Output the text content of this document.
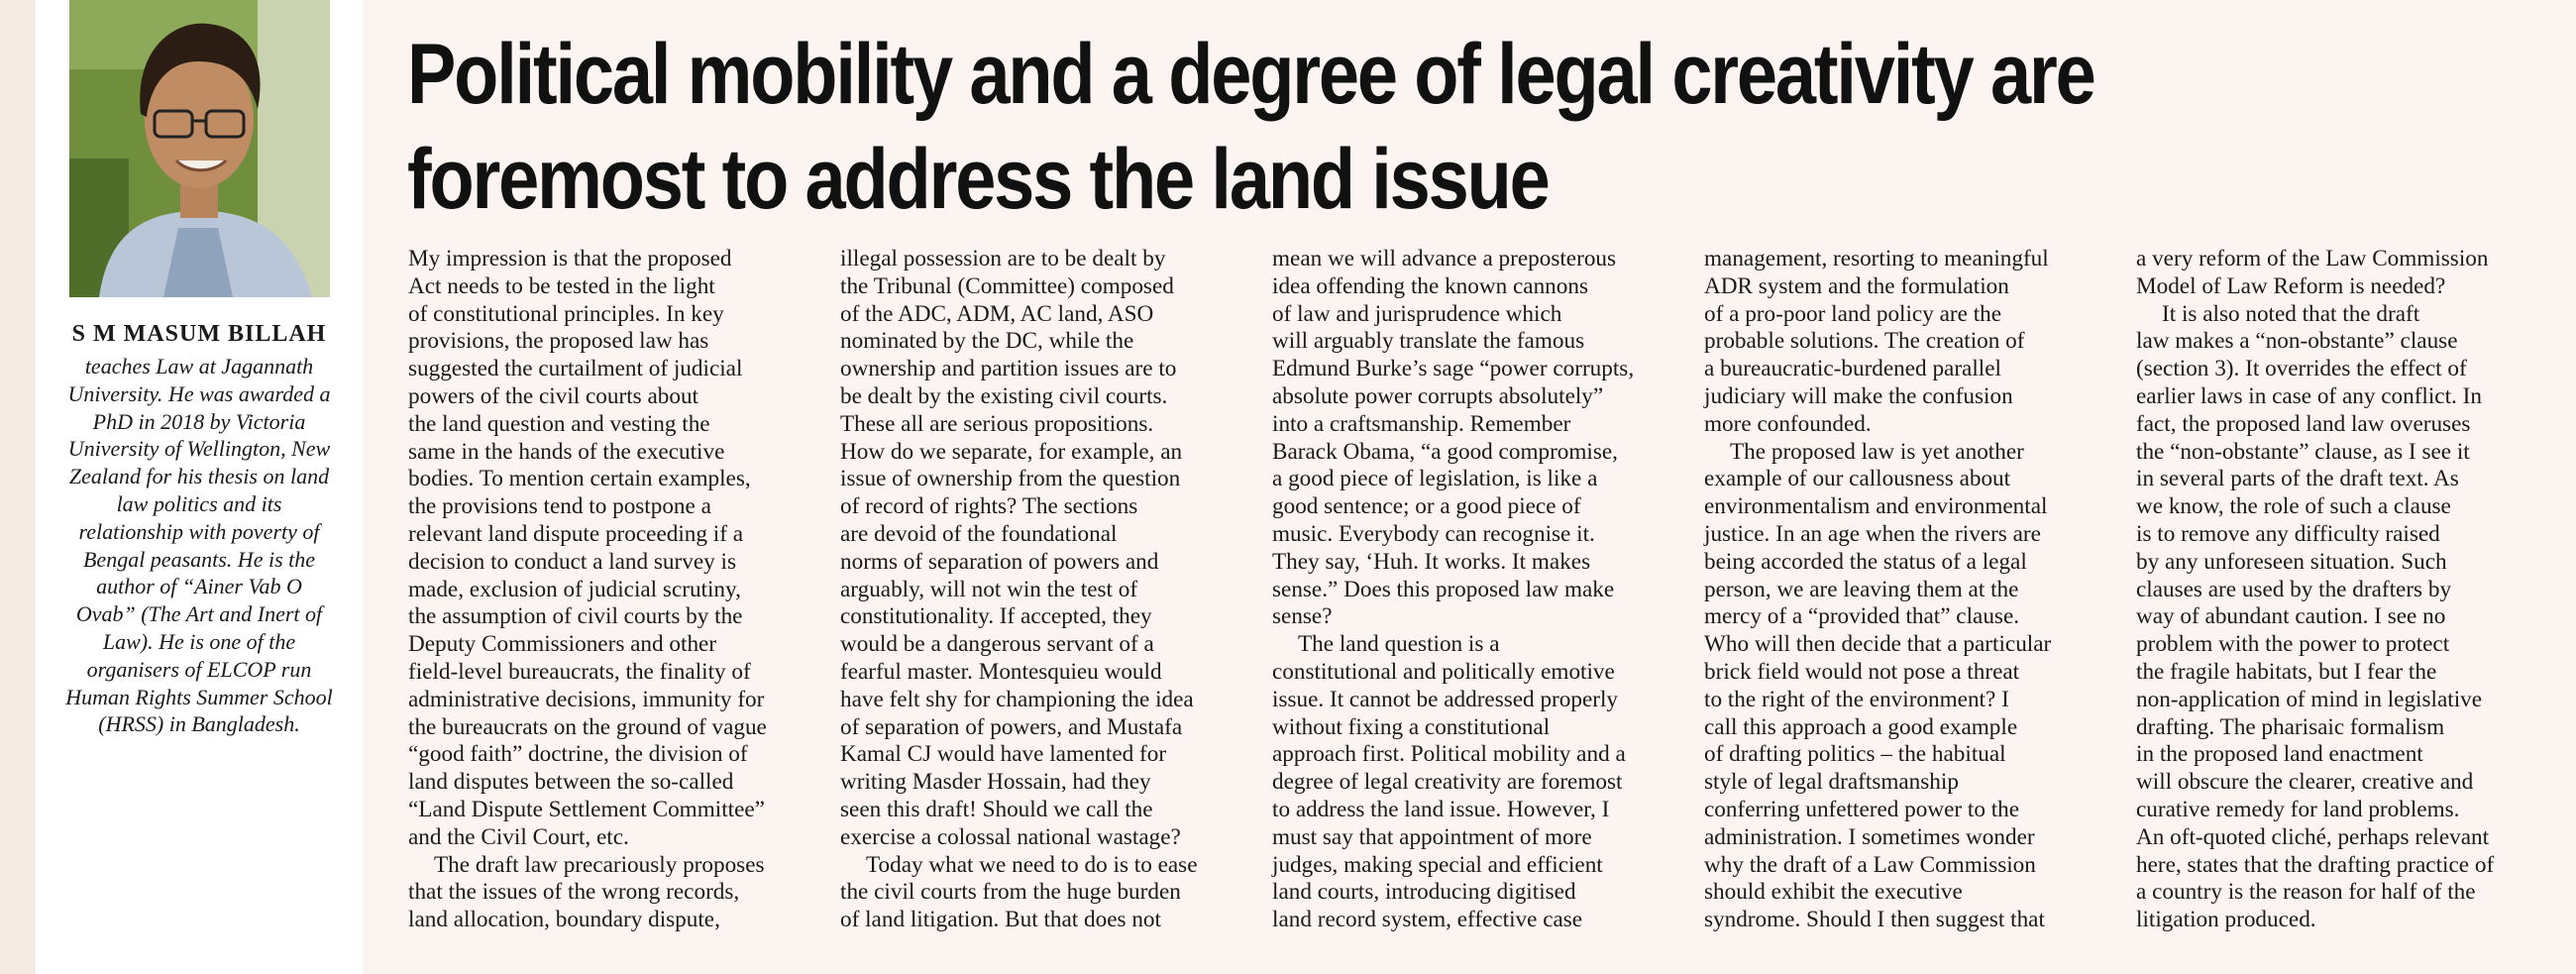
S M MASUM BILLAH
teaches Law at Jagannath University. He was awarded a PhD in 2018 by Victoria University of Wellington, New Zealand for his thesis on land law politics and its relationship with poverty of Bengal peasants. He is the author of “Ainer Vab O Ovab” (The Art and Inert of Law). He is one of the organisers of ELCOP run Human Rights Summer School (HRSS) in Bangladesh.
Political mobility and a degree of legal creativity are foremost to address the land issue

My impression is that the proposed
Act needs to be tested in the light
of constitutional principles. In key
provisions, the proposed law has
suggested the curtailment of judicial
powers of the civil courts about
the land question and vesting the
same in the hands of the executive
bodies. To mention certain examples,
the provisions tend to postpone a
relevant land dispute proceeding if a
decision to conduct a land survey is
made, exclusion of judicial scrutiny,
the assumption of civil courts by the
Deputy Commissioners and other
field-level bureaucrats, the finality of
administrative decisions, immunity for
the bureaucrats on the ground of vague
“good faith” doctrine, the division of
land disputes between the so-called
“Land Dispute Settlement Committee”
and the Civil Court, etc.

The draft law precariously proposes
that the issues of the wrong records,
land allocation, boundary dispute,

illegal possession are to be dealt by
the Tribunal (Committee) composed
of the ADC, ADM, AC land, ASO
nominated by the DC, while the
ownership and partition issues are to
be dealt by the existing civil courts.
These all are serious propositions.
How do we separate, for example, an
issue of ownership from the question
of record of rights? The sections
are devoid of the foundational
norms of separation of powers and
arguably, will not win the test of
constitutionality. If accepted, they
would be a dangerous servant of a
fearful master. Montesquieu would
have felt shy for championing the idea
of separation of powers, and Mustafa
Kamal CJ would have lamented for
writing Masder Hossain, had they
seen this draft! Should we call the
exercise a colossal national wastage?

Today what we need to do is to ease
the civil courts from the huge burden
of land litigation. But that does not

mean we will advance a preposterous
idea offending the known cannons
of law and jurisprudence which
will arguably translate the famous
Edmund Burke’s sage “power corrupts,
absolute power corrupts absolutely”
into a craftsmanship. Remember
Barack Obama, “a good compromise,
a good piece of legislation, is like a
good sentence; or a good piece of
music. Everybody can recognise it.
They say, ‘Huh. It works. It makes
sense.” Does this proposed law make
sense?

The land question is a
constitutional and politically emotive
issue. It cannot be addressed properly
without fixing a constitutional
approach first. Political mobility and a
degree of legal creativity are foremost
to address the land issue. However, I
must say that appointment of more
judges, making special and efficient
land courts, introducing digitised
land record system, effective case

management, resorting to meaningful
ADR system and the formulation
of a pro-poor land policy are the
probable solutions. The creation of
a bureaucratic-burdened parallel
judiciary will make the confusion
more confounded.

The proposed law is yet another
example of our callousness about
environmentalism and environmental
justice. In an age when the rivers are
being accorded the status of a legal
person, we are leaving them at the
mercy of a “provided that” clause.
Who will then decide that a particular
brick field would not pose a threat
to the right of the environment? I
call this approach a good example
of drafting politics – the habitual
style of legal draftsmanship
conferring unfettered power to the
administration. I sometimes wonder
why the draft of a Law Commission
should exhibit the executive
syndrome. Should I then suggest that

a very reform of the Law Commission
Model of Law Reform is needed?

It is also noted that the draft
law makes a “non-obstante” clause
(section 3). It overrides the effect of
earlier laws in case of any conflict. In
fact, the proposed land law overuses
the “non-obstante” clause, as I see it
in several parts of the draft text. As
we know, the role of such a clause
is to remove any difficulty raised
by any unforeseen situation. Such
clauses are used by the drafters by
way of abundant caution. I see no
problem with the power to protect
the fragile habitats, but I fear the
non-application of mind in legislative
drafting. The pharisaic formalism
in the proposed land enactment
will obscure the clearer, creative and
curative remedy for land problems.
An oft-quoted cliché, perhaps relevant
here, states that the drafting practice of
a country is the reason for half of the
litigation produced.
